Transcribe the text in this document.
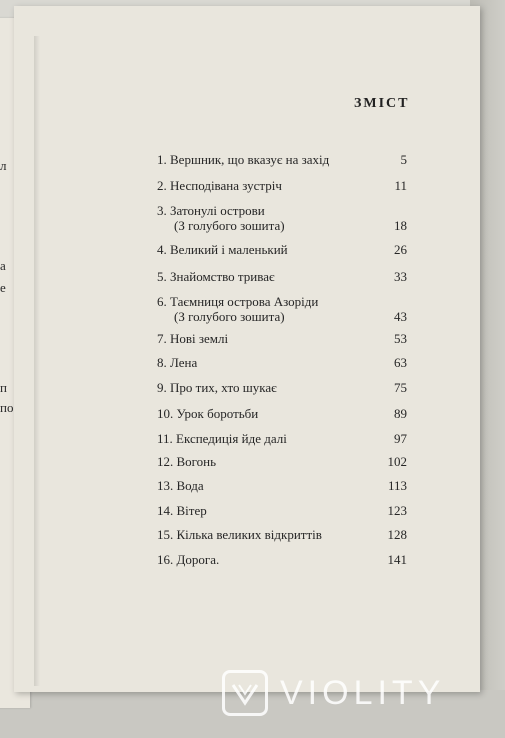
л
а
е
п
по
ЗМІСТ
1. Вершник, що вказує на захід	5
2. Несподівана зустріч	11
3. Затонулі острови
(З голубого зошита)	18
4. Великий і маленький	26
5. Знайомство триває	33
6. Таємниця острова Азоріди
(З голубого зошита)	43
7. Нові землі	53
8. Лена	63
9. Про тих, хто шукає	75
10. Урок боротьби	89
11. Експедиція йде далі	97
12. Вогонь	102
13. Вода	113
14. Вітер	123
15. Кілька великих відкриттів	128
16. Дорога.	141
VIOLITY
